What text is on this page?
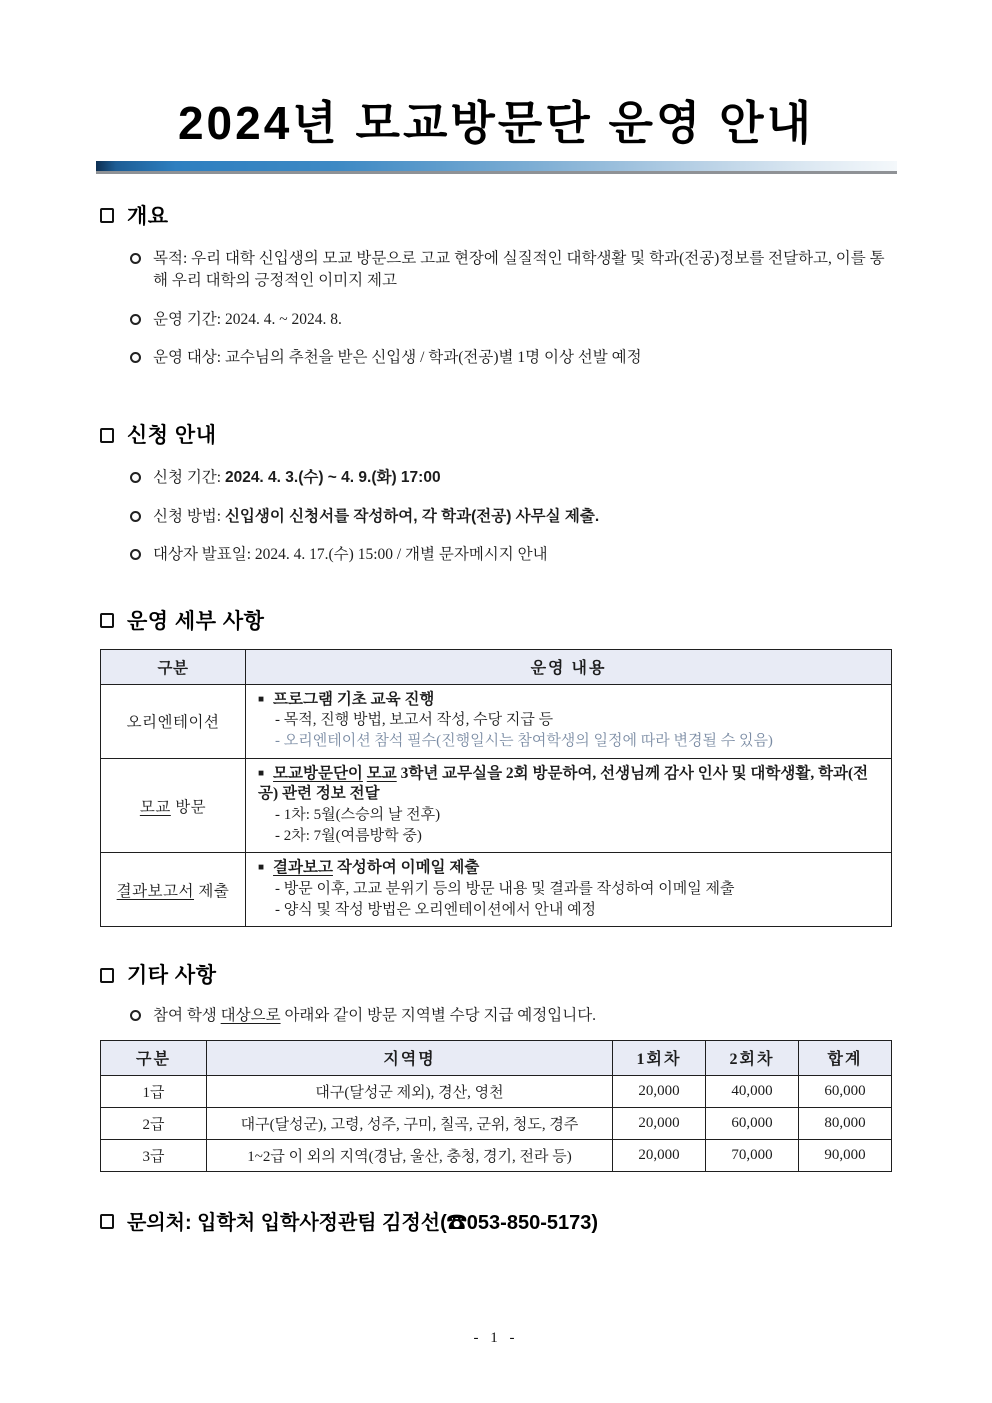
2024년 모교방문단 운영 안내
개요
목적: 우리 대학 신입생의 모교 방문으로 고교 현장에 실질적인 대학생활 및 학과(전공)정보를 전달하고, 이를 통해 우리 대학의 긍정적인 이미지 제고
운영 기간: 2024. 4. ~ 2024. 8.
운영 대상: 교수님의 추천을 받은 신입생 / 학과(전공)별 1명 이상 선발 예정
신청 안내
신청 기간: 2024. 4. 3.(수) ~ 4. 9.(화) 17:00
신청 방법: 신입생이 신청서를 작성하여, 각 학과(전공) 사무실 제출.
대상자 발표일: 2024. 4. 17.(수) 15:00 / 개별 문자메시지 안내
운영 세부 사항
구분	운영 내용
오리엔테이션	■ 프로그램 기초 교육 진행
- 목적, 진행 방법, 보고서 작성, 수당 지급 등
- 오리엔테이션 참석 필수(진행일시는 참여학생의 일정에 따라 변경될 수 있음)

모교 방문	■ 모교방문단이 모교 3학년 교무실을 2회 방문하여, 선생님께 감사 인사 및 대학생활, 학과(전공) 관련 정보 전달
- 1차: 5월(스승의 날 전후)
- 2차: 7월(여름방학 중)

결과보고서 제출	■ 결과보고 작성하여 이메일 제출
- 방문 이후, 고교 분위기 등의 방문 내용 및 결과를 작성하여 이메일 제출
- 양식 및 작성 방법은 오리엔테이션에서 안내 예정
기타 사항
참여 학생 대상으로 아래와 같이 방문 지역별 수당 지급 예정입니다.
구분	지역명	1회차	2회차	합계
1급	대구(달성군 제외), 경산, 영천	20,000	40,000	60,000
2급	대구(달성군), 고령, 성주, 구미, 칠곡, 군위, 청도, 경주	20,000	60,000	80,000
3급	1~2급 이 외의 지역(경남, 울산, 충청, 경기, 전라 등)	20,000	70,000	90,000
문의처: 입학처 입학사정관팀 김정선(☎053-850-5173)
- 1 -
